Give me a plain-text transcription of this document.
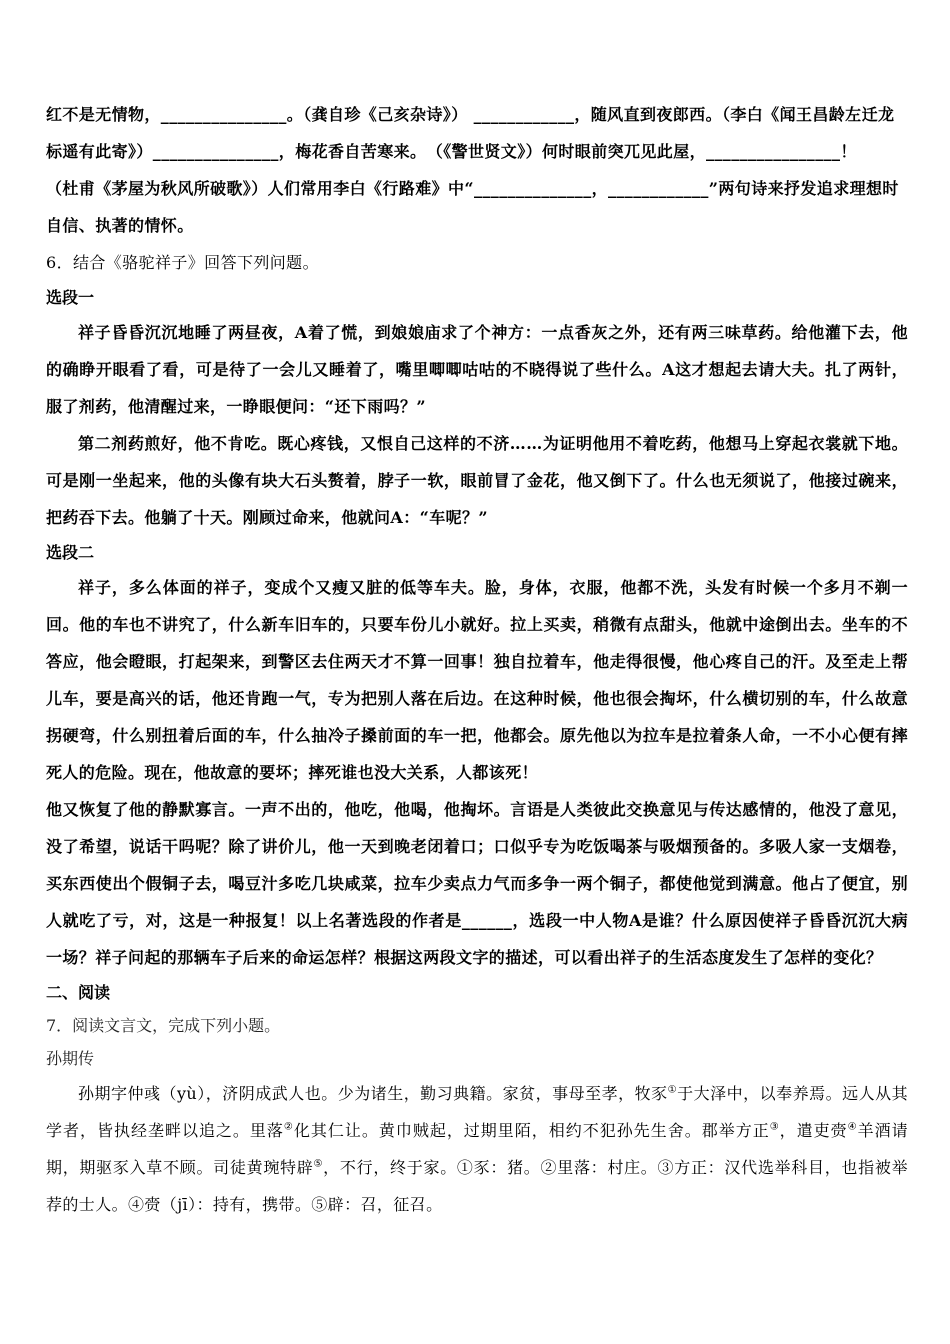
红不是无情物，_______________。（龚自珍《己亥杂诗》） ____________，随风直到夜郎西。（李白《闻王昌龄左迁龙

标遥有此寄》）_______________，梅花香自苦寒来。　（《警世贤文》）何时眼前突兀见此屋，________________！

（杜甫《茅屋为秋风所破歌》）人们常用李白《行路难》中“______________，____________”两句诗来抒发追求理想时

自信、执著的情怀。

6．结合《骆驼祥子》回答下列问题。

选段一

祥子昏昏沉沉地睡了两昼夜，A着了慌，到娘娘庙求了个神方：一点香灰之外，还有两三味草药。给他灌下去，他的确睁开眼看了看，可是待了一会儿又睡着了，嘴里唧唧咕咕的不晓得说了些什么。A这才想起去请大夫。扎了两针，服了剂药，他清醒过来，一睁眼便问：“还下雨吗？”

第二剂药煎好，他不肯吃。既心疼钱，又恨自己这样的不济……为证明他用不着吃药，他想马上穿起衣裳就下地。可是刚一坐起来，他的头像有块大石头赘着，脖子一软，眼前冒了金花，他又倒下了。什么也无须说了，他接过碗来，把药吞下去。他躺了十天。刚顾过命来，他就问A：“车呢？”

选段二

祥子，多么体面的祥子，变成个又瘦又脏的低等车夫。脸，身体，衣服，他都不洗，头发有时候一个多月不剃一回。他的车也不讲究了，什么新车旧车的，只要车份儿小就好。拉上买卖，稍微有点甜头，他就中途倒出去。坐车的不答应，他会瞪眼，打起架来，到警区去住两天才不算一回事！独自拉着车，他走得很慢，他心疼自己的汗。及至走上帮儿车，要是高兴的话，他还肯跑一气，专为把别人落在后边。在这种时候，他也很会掏坏，什么横切别的车，什么故意拐硬弯，什么别扭着后面的车，什么抽冷子搡前面的车一把，他都会。原先他以为拉车是拉着条人命，一不小心便有摔死人的危险。现在，他故意的要坏；摔死谁也没大关系，人都该死！

他又恢复了他的静默寡言。一声不出的，他吃，他喝，他掏坏。言语是人类彼此交换意见与传达感情的，他没了意见，没了希望，说话干吗呢？除了讲价儿，他一天到晚老闭着口；口似乎专为吃饭喝茶与吸烟预备的。多吸人家一支烟卷，买东西使出个假铜子去，喝豆汁多吃几块咸菜，拉车少卖点力气而多争一两个铜子，都使他觉到满意。他占了便宜，别人就吃了亏，对，这是一种报复！以上名著选段的作者是______，选段一中人物A是谁？什么原因使祥子昏昏沉沉大病一场？祥子问起的那辆车子后来的命运怎样？根据这两段文字的描述，可以看出祥子的生活态度发生了怎样的变化？

二、阅读

7．阅读文言文，完成下列小题。

孙期传

孙期字仲彧（yù），济阴成武人也。少为诸生，勤习典籍。家贫，事母至孝，牧豕①于大泽中，以奉养焉。远人从其学者，皆执经垄畔以追之。里落②化其仁让。黄巾贼起，过期里陌，相约不犯孙先生舍。郡举方正③，遣吏赍④羊酒请期，期驱豕入草不顾。司徒黄琬特辟⑤，不行，终于家。①豕：猪。②里落：村庄。③方正：汉代选举科目，也指被举荐的士人。④赍（jī）：持有，携带。⑤辟：召，征召。
